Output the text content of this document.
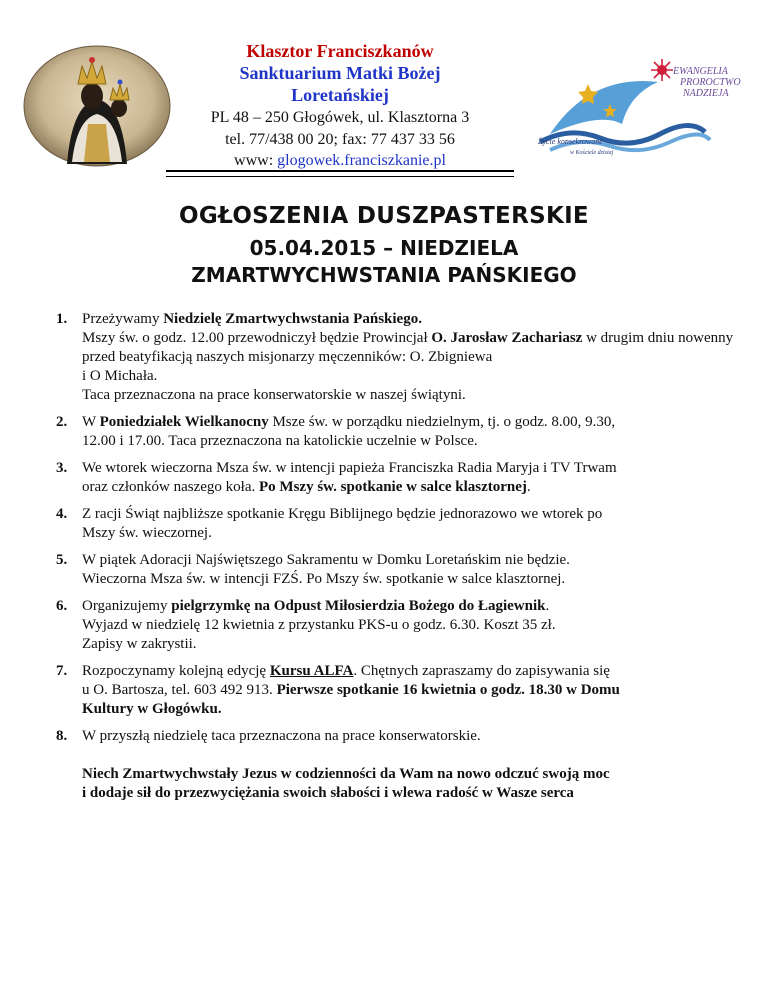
Klasztor Franciszkanów
Sanktuarium Matki Bożej
Loretańskiej
PL 48 – 250 Głogówek, ul. Klasztorna 3
tel. 77/438 00 20; fax: 77 437 33 56
www: glogowek.franciszkanie.pl
EWANGELIA
PROROCTWO
NADZIEJA
Życie konsekrowane
w Kościele dzisiaj
OGŁOSZENIA DUSZPASTERSKIE
05.04.2015 – NIEDZIELA
ZMARTWYCHWSTANIA PAŃSKIEGO
1. Przeżywamy Niedzielę Zmartwychwstania Pańskiego.
Mszy św. o godz. 12.00 przewodniczył będzie Prowincjał O. Jarosław Zachariasz w drugim dniu nowenny przed beatyfikacją naszych misjonarzy męczenników: O. Zbigniewa
i O Michała.
Taca przeznaczona na prace konserwatorskie w naszej świątyni.
2. W Poniedziałek Wielkanocny Msze św. w porządku niedzielnym, tj. o godz. 8.00, 9.30,
12.00 i 17.00. Taca przeznaczona na katolickie uczelnie w Polsce.
3. We wtorek wieczorna Msza św. w intencji papieża Franciszka Radia Maryja i TV Trwam
oraz członków naszego koła. Po Mszy św. spotkanie w salce klasztornej.
4. Z racji Świąt najbliższe spotkanie Kręgu Biblijnego będzie jednorazowo we wtorek po
Mszy św. wieczornej.
5. W piątek Adoracji Najświętszego Sakramentu w Domku Loretańskim nie będzie.
Wieczorna Msza św. w intencji FZŚ. Po Mszy św. spotkanie w salce klasztornej.
6. Organizujemy pielgrzymkę na Odpust Miłosierdzia Bożego do Łagiewnik.
Wyjazd w niedzielę 12 kwietnia z przystanku PKS-u o godz. 6.30. Koszt 35 zł.
Zapisy w zakrystii.
7. Rozpoczynamy kolejną edycję Kursu ALFA. Chętnych zapraszamy do zapisywania się
u O. Bartosza, tel. 603 492 913. Pierwsze spotkanie 16 kwietnia o godz. 18.30 w Domu
Kultury w Głogówku.
8. W przyszłą niedzielę taca przeznaczona na prace konserwatorskie.
Niech Zmartwychwstały Jezus w codzienności da Wam na nowo odczuć swoją moc
i dodaje sił do przezwyciężania swoich słabości i wlewa radość w Wasze serca
